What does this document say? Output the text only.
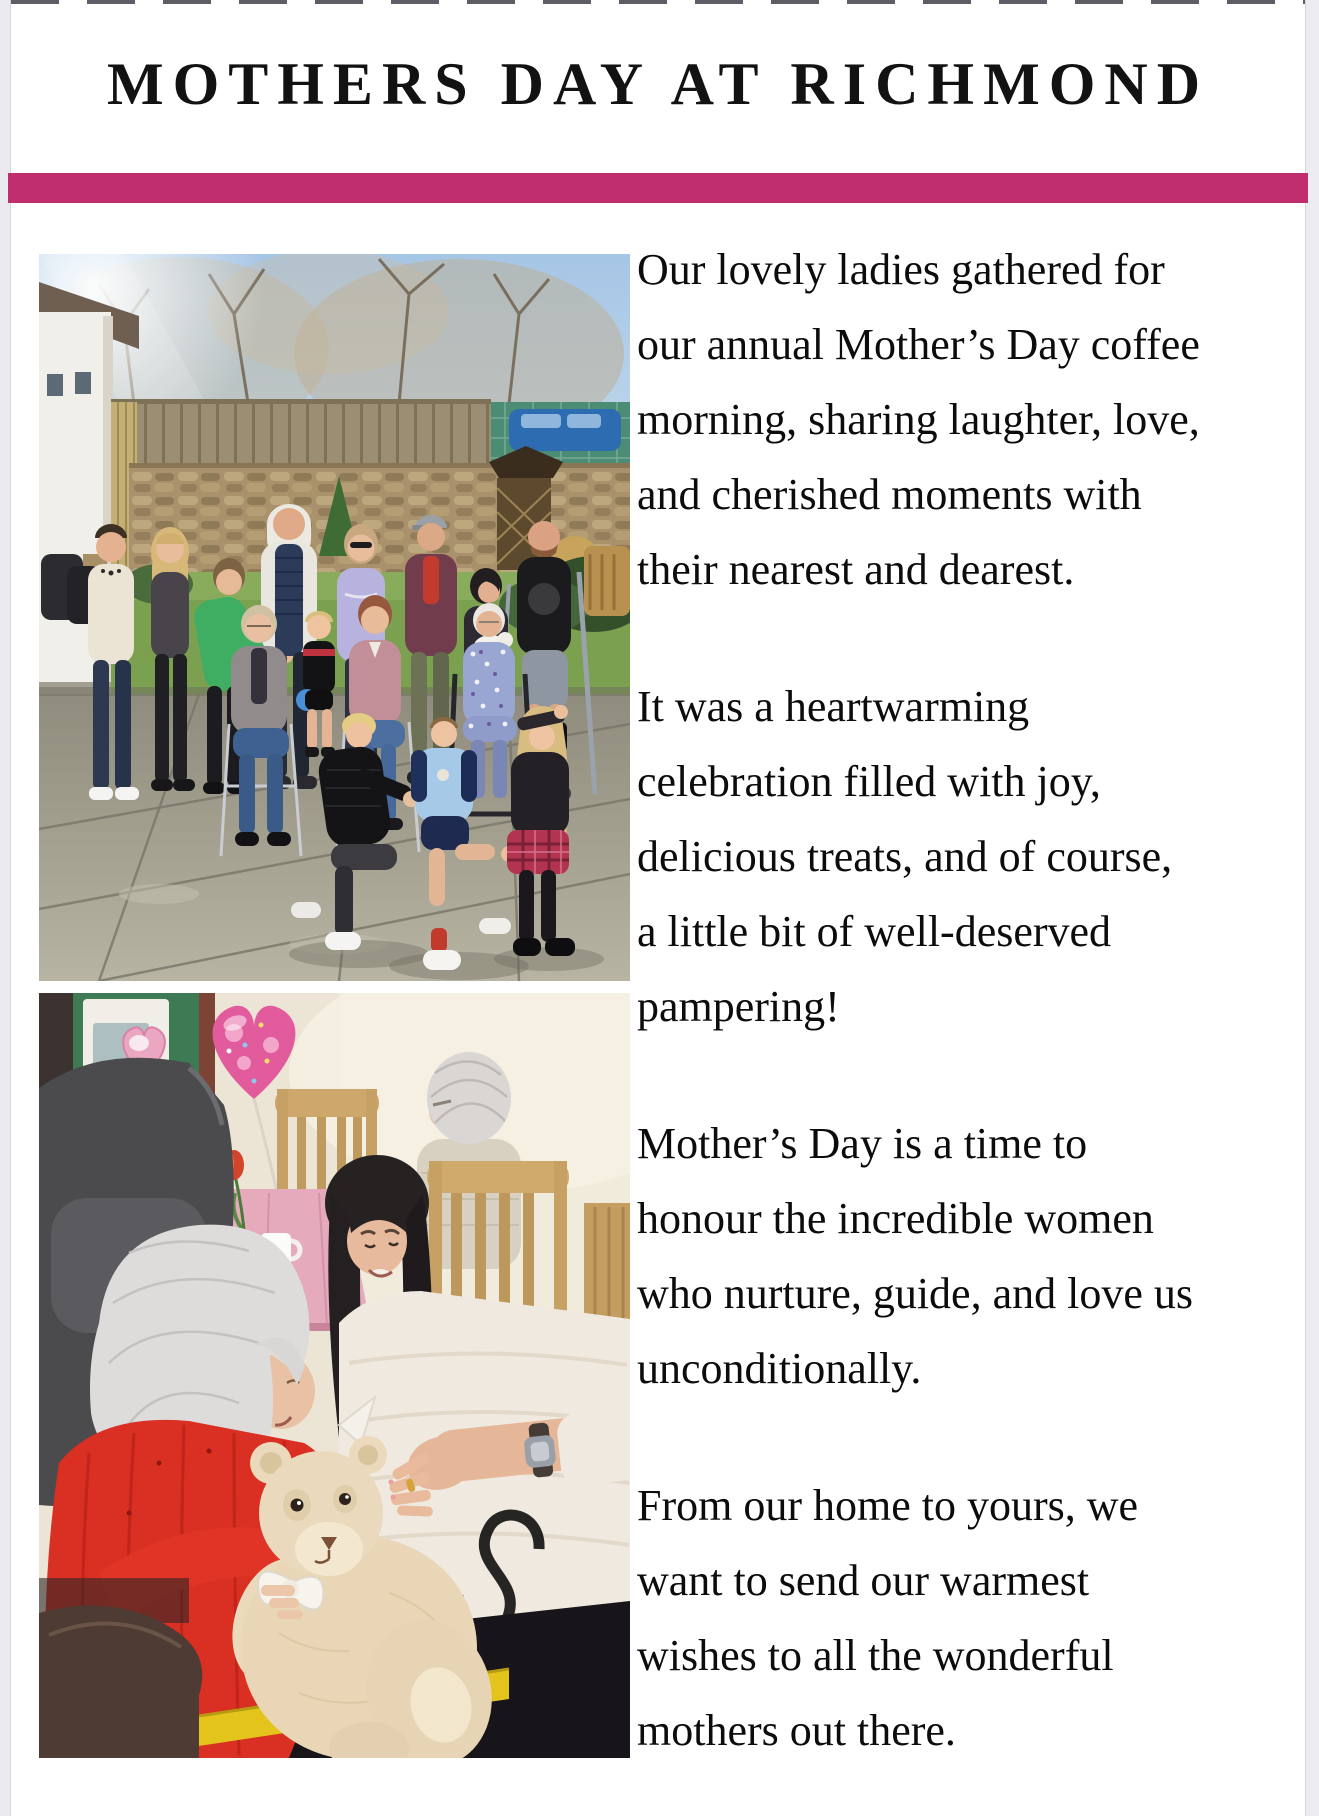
MOTHERS DAY AT RICHMOND
Our lovely ladies gathered for
our annual Mother’s Day coffee
morning, sharing laughter, love,
and cherished moments with
their nearest and dearest.
It was a heartwarming
celebration filled with joy,
delicious treats, and of course,
a little bit of well-deserved
pampering!
Mother’s Day is a time to
honour the incredible women
who nurture, guide, and love us
unconditionally.
From our home to yours, we
want to send our warmest
wishes to all the wonderful
mothers out there.
